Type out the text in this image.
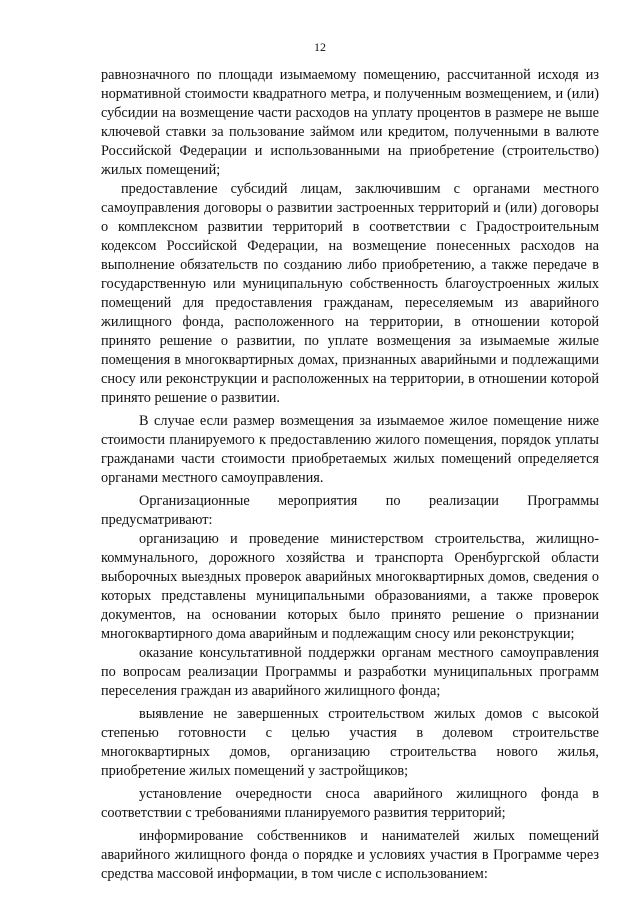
12

равнозначного по площади изымаемому помещению, рассчитанной исходя из нормативной стоимости квадратного метра, и полученным возмещением, и (или) субсидии на возмещение части расходов на уплату процентов в размере не выше ключевой ставки за пользование займом или кредитом, полученными в валюте Российской Федерации и использованными на приобретение (строительство) жилых помещений;

предоставление субсидий лицам, заключившим с органами местного самоуправления договоры о развитии застроенных территорий и (или) договоры о комплексном развитии территорий в соответствии с Градостроительным кодексом Российской Федерации, на возмещение понесенных расходов на выполнение обязательств по созданию либо приобретению, а также передаче в государственную или муниципальную собственность благоустроенных жилых помещений для предоставления гражданам, переселяемым из аварийного жилищного фонда, расположенного на территории, в отношении которой принято решение о развитии, по уплате возмещения за изымаемые жилые помещения в многоквартирных домах, признанных аварийными и подлежащими сносу или реконструкции и расположенных на территории, в отношении которой принято решение о развитии.

В случае если размер возмещения за изымаемое жилое помещение ниже стоимости планируемого к предоставлению жилого помещения, порядок уплаты гражданами части стоимости приобретаемых жилых помещений определяется органами местного самоуправления.

Организационные мероприятия по реализации Программы предусматривают:

организацию и проведение министерством строительства, жилищно-коммунального, дорожного хозяйства и транспорта Оренбургской области выборочных выездных проверок аварийных многоквартирных домов, сведения о которых представлены муниципальными образованиями, а также проверок документов, на основании которых было принято решение о признании многоквартирного дома аварийным и подлежащим сносу или реконструкции;

оказание консультативной поддержки органам местного самоуправления по вопросам реализации Программы и разработки муниципальных программ переселения граждан из аварийного жилищного фонда;

выявление не завершенных строительством жилых домов с высокой степенью готовности с целью участия в долевом строительстве многоквартирных домов, организацию строительства нового жилья, приобретение жилых помещений у застройщиков;

установление очередности сноса аварийного жилищного фонда в соответствии с требованиями планируемого развития территорий;

информирование собственников и нанимателей жилых помещений аварийного жилищного фонда о порядке и условиях участия в Программе через средства массовой информации, в том числе с использованием:
